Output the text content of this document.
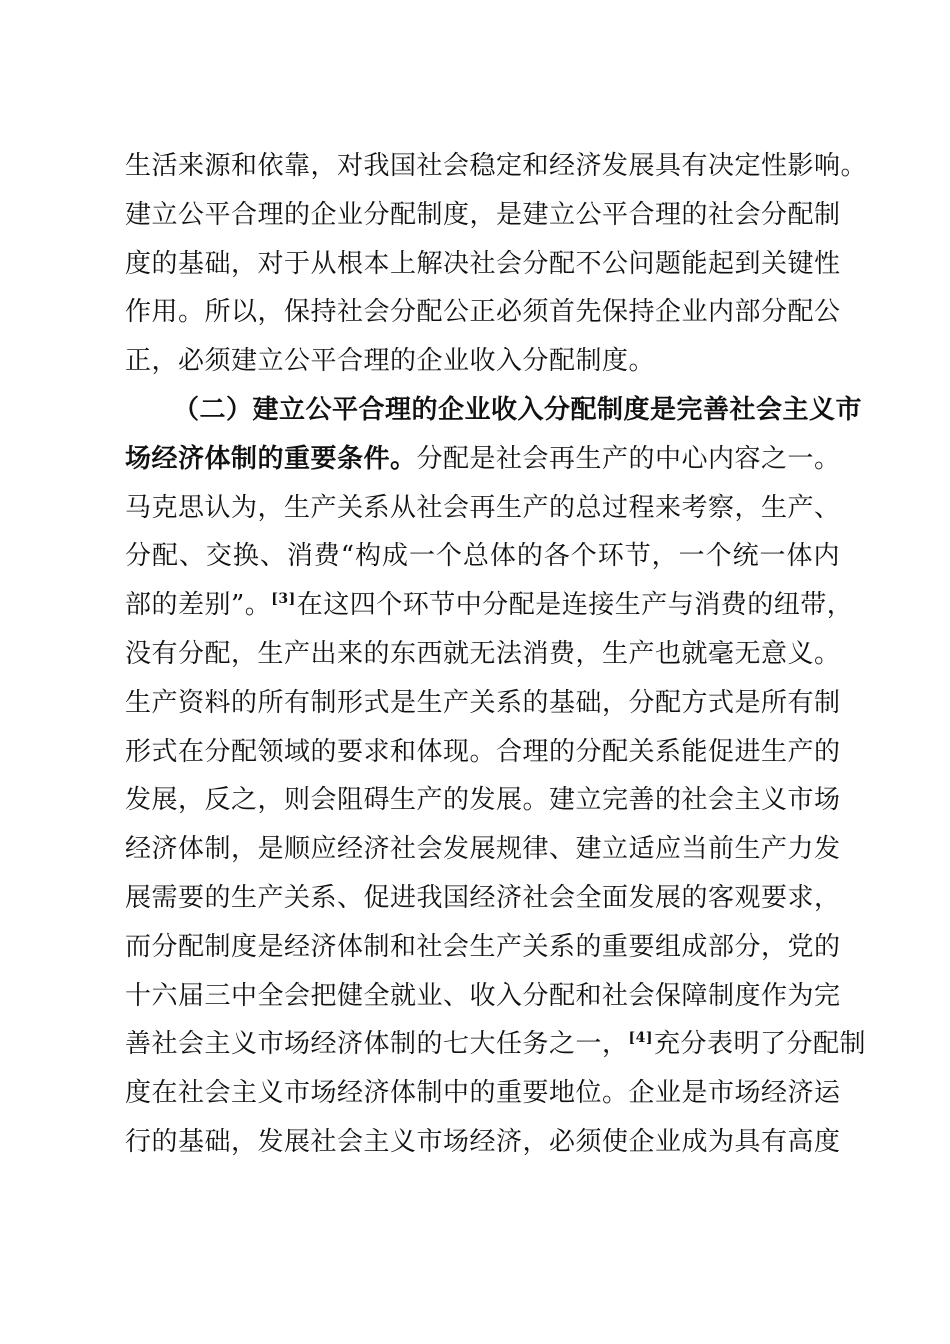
生活来源和依靠，对我国社会稳定和经济发展具有决定性影响。
建立公平合理的企业分配制度，是建立公平合理的社会分配制
度的基础，对于从根本上解决社会分配不公问题能起到关键性
作用。所以，保持社会分配公正必须首先保持企业内部分配公
正，必须建立公平合理的企业收入分配制度。
（二）建立公平合理的企业收入分配制度是完善社会主义市
场经济体制的重要条件。分配是社会再生产的中心内容之一。
马克思认为，生产关系从社会再生产的总过程来考察，生产、
分配、交换、消费“构成一个总体的各个环节，一个统一体内
部的差别”。[3]在这四个环节中分配是连接生产与消费的纽带，
没有分配，生产出来的东西就无法消费，生产也就毫无意义。
生产资料的所有制形式是生产关系的基础，分配方式是所有制
形式在分配领域的要求和体现。合理的分配关系能促进生产的
发展，反之，则会阻碍生产的发展。建立完善的社会主义市场
经济体制，是顺应经济社会发展规律、建立适应当前生产力发
展需要的生产关系、促进我国经济社会全面发展的客观要求，
而分配制度是经济体制和社会生产关系的重要组成部分，党的
十六届三中全会把健全就业、收入分配和社会保障制度作为完
善社会主义市场经济体制的七大任务之一，[4]充分表明了分配制
度在社会主义市场经济体制中的重要地位。企业是市场经济运
行的基础，发展社会主义市场经济，必须使企业成为具有高度
